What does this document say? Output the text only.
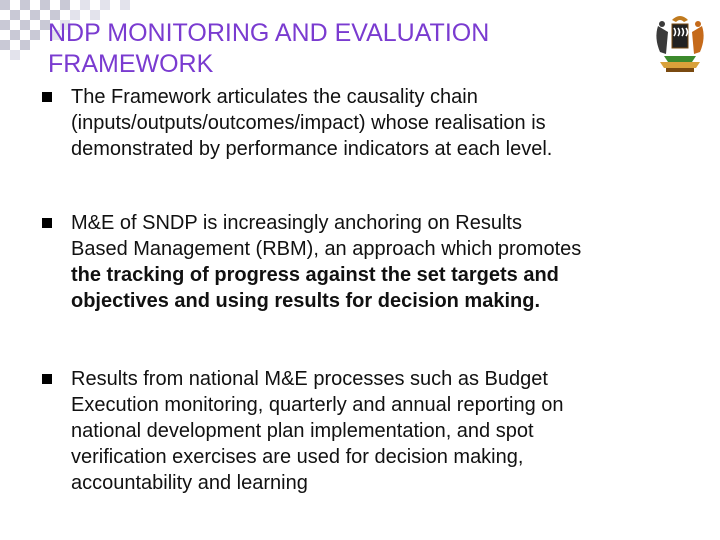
NDP MONITORING AND EVALUATION
FRAMEWORK
The Framework articulates the causality chain
(inputs/outputs/outcomes/impact) whose realisation is
demonstrated by performance indicators at each level.
M&E of SNDP is increasingly anchoring on Results
Based Management (RBM), an approach which promotes
the tracking of progress against the set targets and
objectives and using results for decision making.
Results from national M&E processes such as Budget
Execution monitoring, quarterly and annual reporting on
national development plan implementation, and spot
verification exercises are used for decision making,
accountability and learning
